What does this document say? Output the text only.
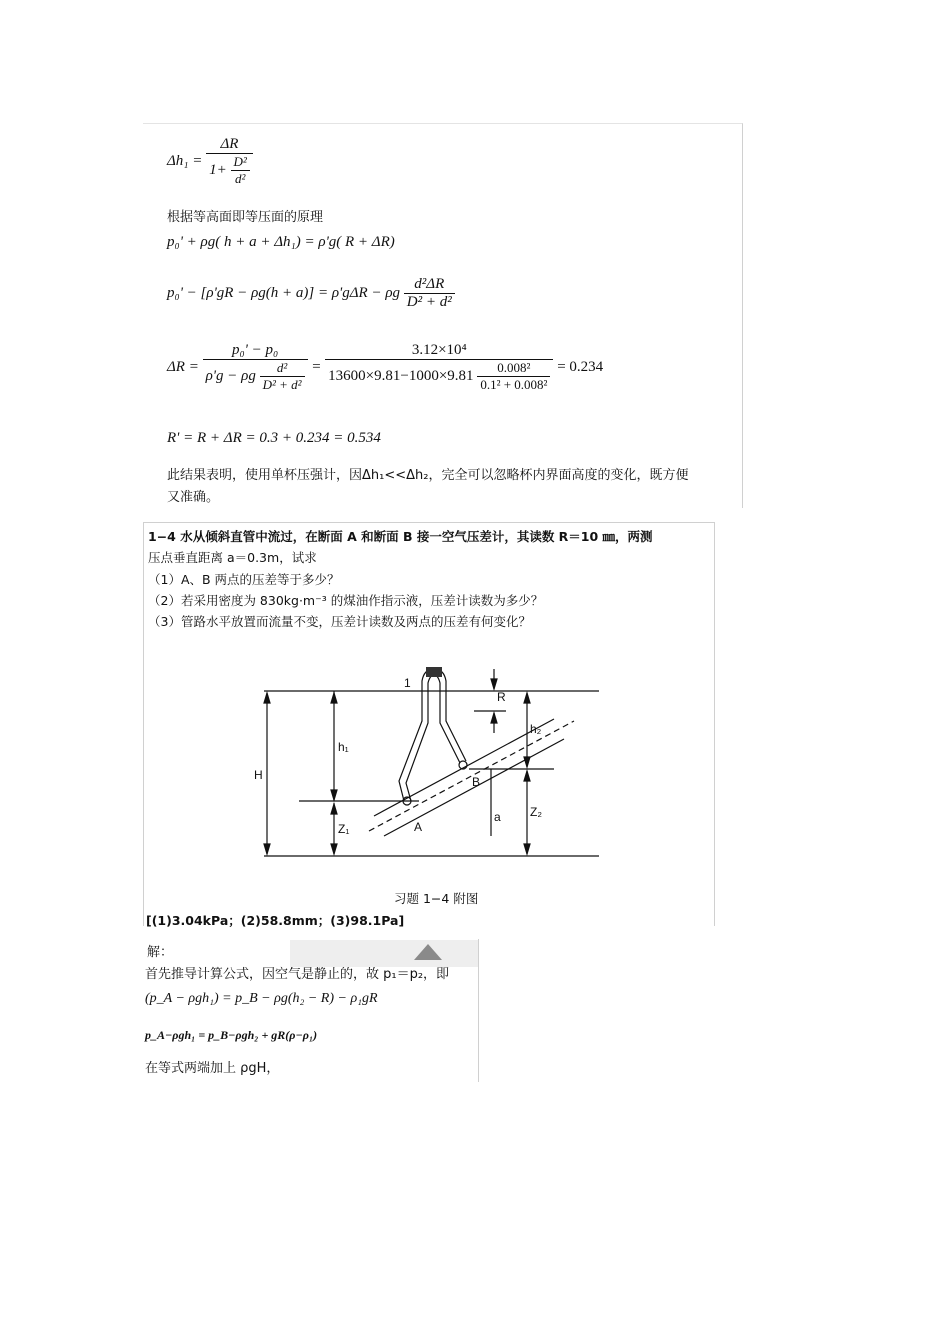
$\Delta h_1 = \frac{\Delta R}{1+ \frac{\text{D²}}{\text{d²}}}$
根据等高面即等压面的原理
p₀' + ρg( h + a + Δh₁) = ρ'g( R + ΔR)
p₀' − [ρ'gR − ρg(h + a)] = ρ'gΔR − ρg $\frac{\text{d²ΔR}}{\text{D² + d²}}$
$\Delta R = \frac{\text{p₀' − p₀}}{\rho'g - \rho g \frac{\text{d²}}{\text{D² + d²}}}$ =
3.12×10⁴
$13600\times 9.81-1000\times 9.81 \frac{\text{0.008²}}{\text{0.1² + 0.008²}} = 0.234$
R' = R + ΔR = 0.3 + 0.234 = 0.534
此结果表明，使用单杯压强计，因Δh₁<<Δh₂，完全可以忽略杯内界面高度的变化，既方便
又准确。
1−4 水从倾斜直管中流过，在断面 A 和断面 B 接一空气压差计，其读数 R＝10 ㎜，两测
压点垂直距离 a＝0.3m，试求
（1）A、B 两点的压差等于多少？
（2）若采用密度为 830kg·m⁻³ 的煤油作指示液，压差计读数为多少？
（3）管路水平放置而流量不变，压差计读数及两点的压差有何变化？
1
R
H
h₁
h₂
Z₁
Z₂
a
A
B
习题 1−4 附图
[(1)3.04kPa；(2)58.8mm；(3)98.1Pa]
解：
首先推导计算公式，因空气是静止的，故 p₁＝p₂，即
(p_A − ρgh₁) = p_B − ρg(h₂ − R) − ρ₁gR
p_A−ρgh₁ = p_B−ρgh₂ + gR(ρ−ρ₁)
在等式两端加上 ρgH，
